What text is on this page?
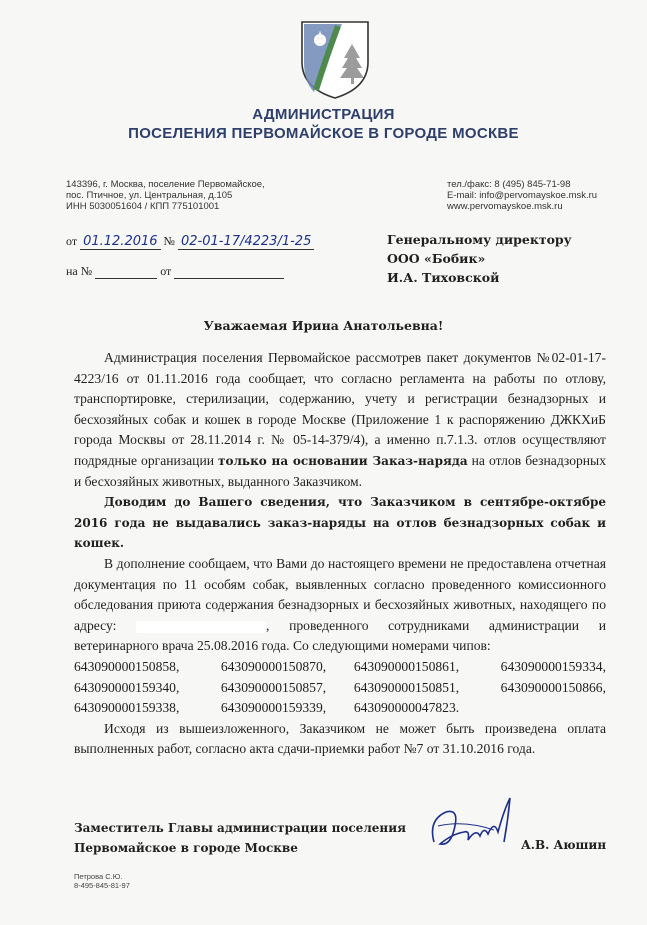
АДМИНИСТРАЦИЯ
ПОСЕЛЕНИЯ ПЕРВОМАЙСКОЕ В ГОРОДЕ МОСКВЕ
143396, г. Москва, поселение Первомайское,
пос. Птичное, ул. Центральная, д.105
ИНН 5030051604 / КПП 775101001
тел./факс: 8 (495) 845-71-98
E-mail: info@pervomayskoe.msk.ru
www.pervomayskoe.msk.ru
от 01.12.2016 № 02-01-17/4223/1-25
на №	от
Генеральному директору
ООО «Бобик»
И.А. Тиховской
Уважаемая Ирина Анатольевна!

Администрация поселения Первомайское рассмотрев пакет документов №02-01-17-4223/16 от 01.11.2016 года сообщает, что согласно регламента на работы по отлову, транспортировке, стерилизации, содержанию, учету и регистрации безнадзорных и бесхозяйных собак и кошек в городе Москве (Приложение 1 к распоряжению ДЖКХиБ города Москвы от 28.11.2014 г. № 05-14-379/4), а именно п.7.1.3. отлов осуществляют подрядные организации только на основании Заказ-наряда на отлов безнадзорных и бесхозяйных животных, выданного Заказчиком.

Доводим до Вашего сведения, что Заказчиком в сентябре-октябре 2016 года не выдавались заказ-наряды на отлов безнадзорных собак и кошек.

В дополнение сообщаем, что Вами до настоящего времени не предоставлена отчетная документация по 11 особям собак, выявленных согласно проведенного комиссионного обследования приюта содержания безнадзорных и бесхозяйных животных, находящего по адресу:	, проведенного сотрудниками администрации и ветеринарного врача 25.08.2016 года. Со следующими номерами чипов:

643090000150858,	643090000150870,	643090000150861,	643090000159334,
643090000159340,	643090000150857,	643090000150851,	643090000150866,
643090000159338,	643090000159339,	643090000047823.

Исходя из вышеизложенного, Заказчиком не может быть произведена оплата выполненных работ, согласно акта сдачи-приемки работ №7 от 31.10.2016 года.

Заместитель Главы администрации поселения
Первомайское в городе Москве	А.В. Аюшин
Петрова С.Ю.
8-495-845-81-97
